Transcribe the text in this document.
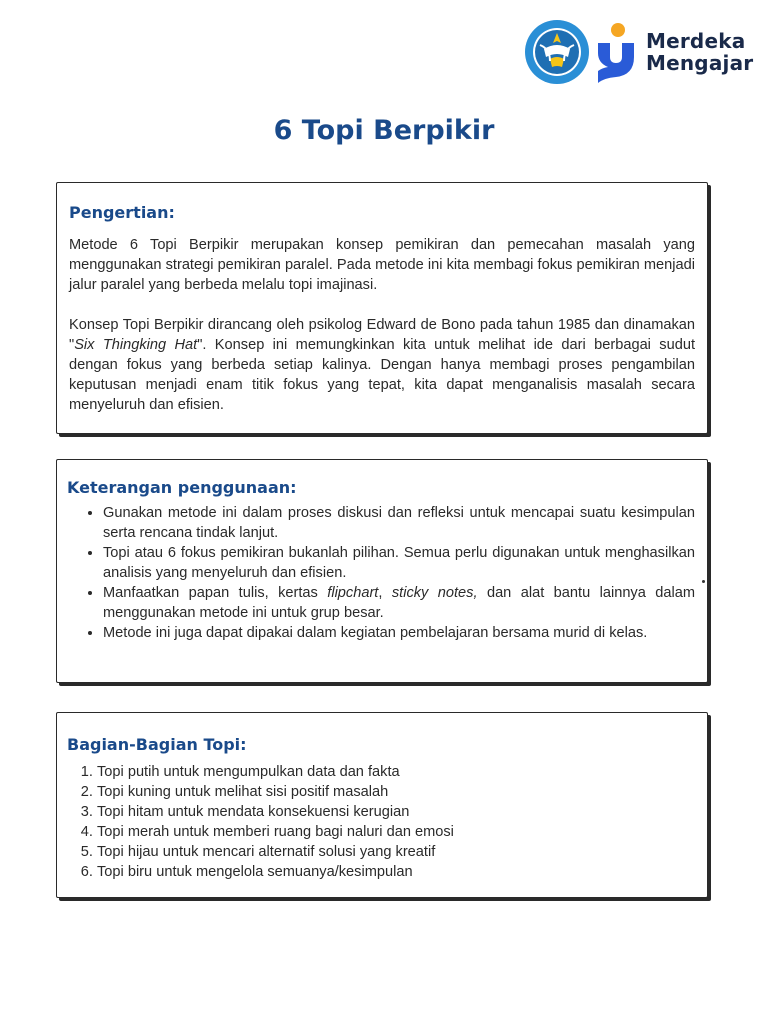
Merdeka
Mengajar
6 Topi Berpikir
Pengertian:

Metode 6 Topi Berpikir merupakan konsep pemikiran dan pemecahan masalah yang menggunakan strategi pemikiran paralel. Pada metode ini kita membagi fokus pemikiran menjadi jalur paralel yang berbeda melalu topi imajinasi.

Konsep Topi Berpikir dirancang oleh psikolog Edward de Bono pada tahun 1985 dan dinamakan "Six Thingking Hat". Konsep ini memungkinkan kita untuk melihat ide dari berbagai sudut dengan fokus yang berbeda setiap kalinya. Dengan hanya membagi proses pengambilan keputusan menjadi enam titik fokus yang tepat, kita dapat menganalisis masalah secara menyeluruh dan efisien.

Keterangan penggunaan:
• Gunakan metode ini dalam proses diskusi dan refleksi untuk mencapai suatu kesimpulan serta rencana tindak lanjut.
• Topi atau 6 fokus pemikiran bukanlah pilihan. Semua perlu digunakan untuk menghasilkan analisis yang menyeluruh dan efisien.
• Manfaatkan papan tulis, kertas flipchart, sticky notes, dan alat bantu lainnya dalam menggunakan metode ini untuk grup besar.
• Metode ini juga dapat dipakai dalam kegiatan pembelajaran bersama murid di kelas.
Bagian-Bagian Topi:
1. Topi putih untuk mengumpulkan data dan fakta
2. Topi kuning untuk melihat sisi positif masalah
3. Topi hitam untuk mendata konsekuensi kerugian
4. Topi merah untuk memberi ruang bagi naluri dan emosi
5. Topi hijau untuk mencari alternatif solusi yang kreatif
6. Topi biru untuk mengelola semuanya/kesimpulan
